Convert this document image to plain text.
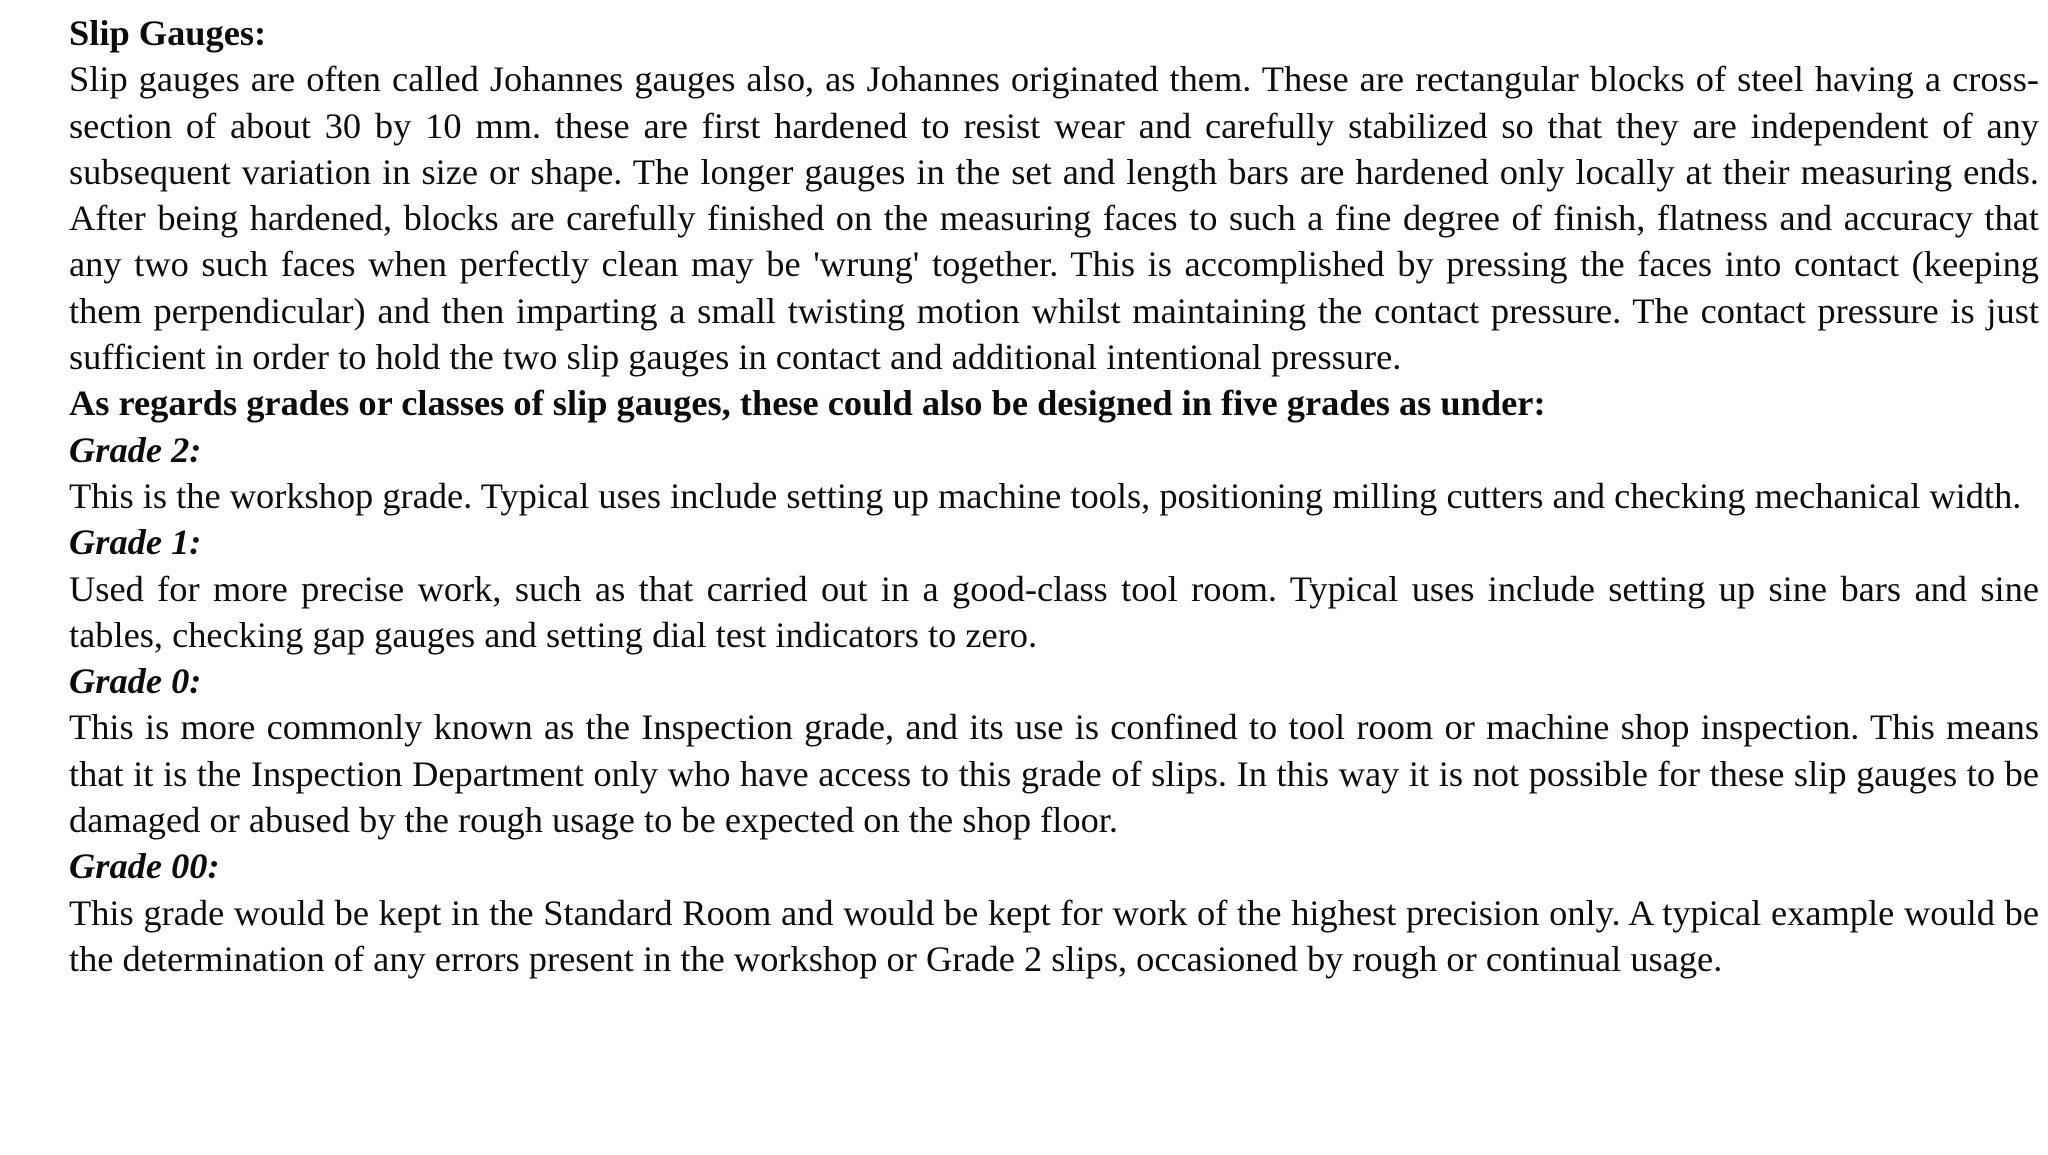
Slip Gauges:

Slip gauges are often called Johannes gauges also, as Johannes originated them. These are rectangular blocks of steel having a cross- section of about 30 by 10 mm. these are first hardened to resist wear and carefully stabilized so that they are independent of any subsequent variation in size or shape. The longer gauges in the set and length bars are hardened only locally at their measuring ends. After being hardened, blocks are carefully finished on the measuring faces to such a fine degree of finish, flatness and accuracy that any two such faces when perfectly clean may be 'wrung' together. This is accomplished by pressing the faces into contact (keeping them perpendicular) and then imparting a small twisting motion whilst maintaining the contact pressure. The contact pressure is just sufficient in order to hold the two slip gauges in contact and additional intentional pressure.

As regards grades or classes of slip gauges, these could also be designed in five grades as under:

Grade 2:

This is the workshop grade. Typical uses include setting up machine tools, positioning milling cutters and checking mechanical width.

Grade 1:

Used for more precise work, such as that carried out in a good-class tool room. Typical uses include setting up sine bars and sine tables, checking gap gauges and setting dial test indicators to zero.

Grade 0:

This is more commonly known as the Inspection grade, and its use is confined to tool room or machine shop inspection. This means that it is the Inspection Department only who have access to this grade of slips. In this way it is not possible for these slip gauges to be damaged or abused by the rough usage to be expected on the shop floor.

Grade 00:

This grade would be kept in the Standard Room and would be kept for work of the highest precision only. A typical example would be the determination of any errors present in the workshop or Grade 2 slips, occasioned by rough or continual usage.
